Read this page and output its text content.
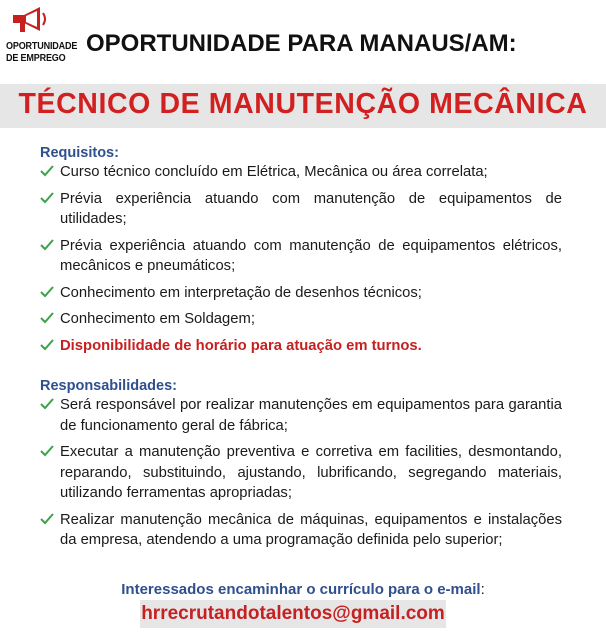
OPORTUNIDADE
DE EMPREGO
OPORTUNIDADE PARA MANAUS/AM:
TÉCNICO DE MANUTENÇÃO MECÂNICA

Requisitos:

Curso técnico concluído em Elétrica, Mecânica ou área correlata;
Prévia experiência atuando com manutenção de equipamentos de utilidades;
Prévia experiência atuando com manutenção de equipamentos elétricos, mecânicos e pneumáticos;
Conhecimento em interpretação de desenhos técnicos;
Conhecimento em Soldagem;
Disponibilidade de horário para atuação em turnos.

Responsabilidades:

Será responsável por realizar manutenções em equipamentos para garantia de funcionamento geral de fábrica;
Executar a manutenção preventiva e corretiva em facilities, desmontando, reparando, substituindo, ajustando, lubrificando, segregando materiais, utilizando ferramentas apropriadas;
Realizar manutenção mecânica de máquinas, equipamentos e instalações da empresa, atendendo a uma programação definida pelo superior;
Interessados encaminhar o currículo para o e-mail:
hrrecrutandotalentos@gmail.com
